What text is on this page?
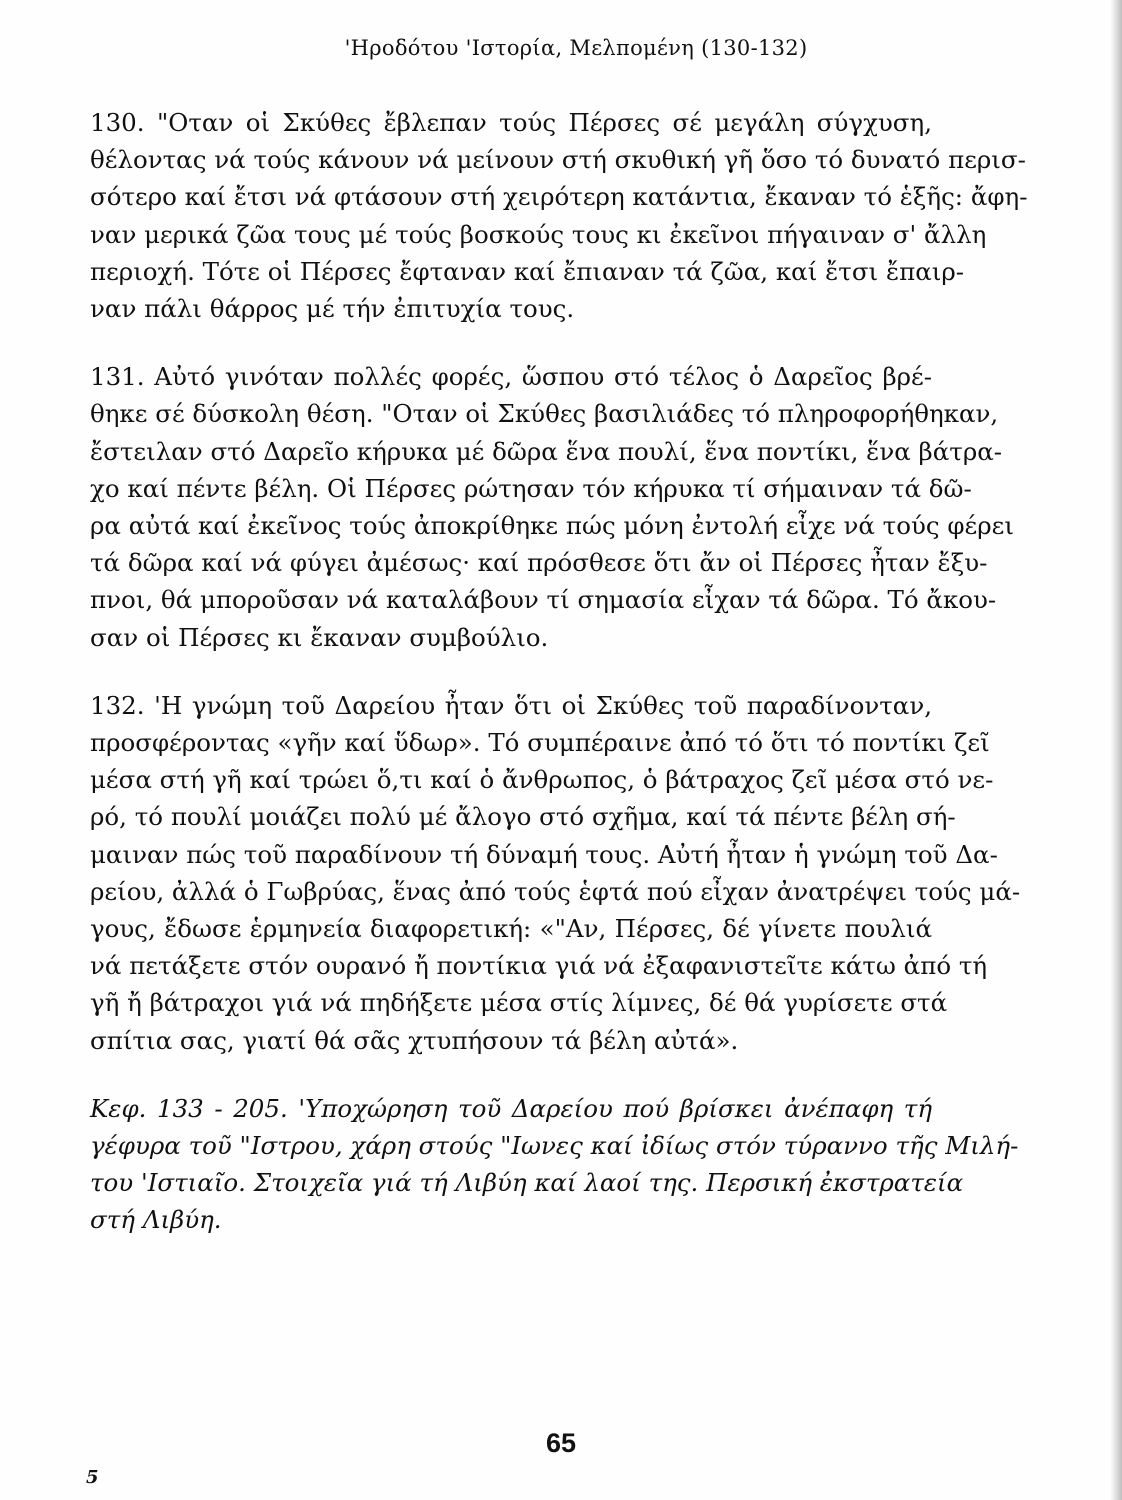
'Ηροδότου 'Ιστορία, Μελπομένη (130-132)

130. "Οταν οἱ Σκύθες ἔβλεπαν τούς Πέρσες σέ μεγάλη σύγχυση,
θέλοντας νά τούς κάνουν νά μείνουν στή σκυθική γῆ ὅσο τό δυνατό περισ-
σότερο καί ἔτσι νά φτάσουν στή χειρότερη κατάντια, ἔκαναν τό ἑξῆς: ἄφη-
ναν μερικά ζῶα τους μέ τούς βοσκούς τους κι ἐκεῖνοι πήγαιναν σ' ἄλλη
περιοχή. Τότε οἱ Πέρσες ἔφταναν καί ἔπιαναν τά ζῶα, καί ἔτσι ἔπαιρ-
ναν πάλι θάρρος μέ τήν ἐπιτυχία τους.

131. Αὐτό γινόταν πολλές φορές, ὥσπου στό τέλος ὁ Δαρεῖος βρέ-
θηκε σέ δύσκολη θέση. "Οταν οἱ Σκύθες βασιλιάδες τό πληροφορήθηκαν,
ἔστειλαν στό Δαρεῖο κήρυκα μέ δῶρα ἕνα πουλί, ἕνα ποντίκι, ἕνα βάτρα-
χο καί πέντε βέλη. Οἱ Πέρσες ρώτησαν τόν κήρυκα τί σήμαιναν τά δῶ-
ρα αὐτά καί ἐκεῖνος τούς ἀποκρίθηκε πώς μόνη ἐντολή εἶχε νά τούς φέρει
τά δῶρα καί νά φύγει ἀμέσως· καί πρόσθεσε ὅτι ἄν οἱ Πέρσες ἦταν ἔξυ-
πνοι, θά μποροῦσαν νά καταλάβουν τί σημασία εἶχαν τά δῶρα. Τό ἄκου-
σαν οἱ Πέρσες κι ἔκαναν συμβούλιο.

132. 'Η γνώμη τοῦ Δαρείου ἦταν ὅτι οἱ Σκύθες τοῦ παραδίνονταν,
προσφέροντας «γῆν καί ὕδωρ». Τό συμπέραινε ἀπό τό ὅτι τό ποντίκι ζεῖ
μέσα στή γῆ καί τρώει ὅ,τι καί ὁ ἄνθρωπος, ὁ βάτραχος ζεῖ μέσα στό νε-
ρό, τό πουλί μοιάζει πολύ μέ ἄλογο στό σχῆμα, καί τά πέντε βέλη σή-
μαιναν πώς τοῦ παραδίνουν τή δύναμή τους. Αὐτή ἦταν ἡ γνώμη τοῦ Δα-
ρείου, ἀλλά ὁ Γωβρύας, ἕνας ἀπό τούς ἑφτά πού εἶχαν ἀνατρέψει τούς μά-
γους, ἔδωσε ἑρμηνεία διαφορετική: «"Αν, Πέρσες, δέ γίνετε πουλιά
νά πετάξετε στόν ουρανό ἤ ποντίκια γιά νά ἐξαφανιστεῖτε κάτω ἀπό τή
γῆ ἤ βάτραχοι γιά νά πηδήξετε μέσα στίς λίμνες, δέ θά γυρίσετε στά
σπίτια σας, γιατί θά σᾶς χτυπήσουν τά βέλη αὐτά».

Κεφ. 133 - 205. 'Υποχώρηση τοῦ Δαρείου πού βρίσκει ἀνέπαφη τή
γέφυρα τοῦ "Ιστρου, χάρη στούς "Ιωνες καί ἰδίως στόν τύραννο τῆς Μιλή-
του 'Ιστιαῖο. Στοιχεῖα γιά τή Λιβύη καί λαοί της. Περσική ἐκστρατεία
στή Λιβύη.

65
5
